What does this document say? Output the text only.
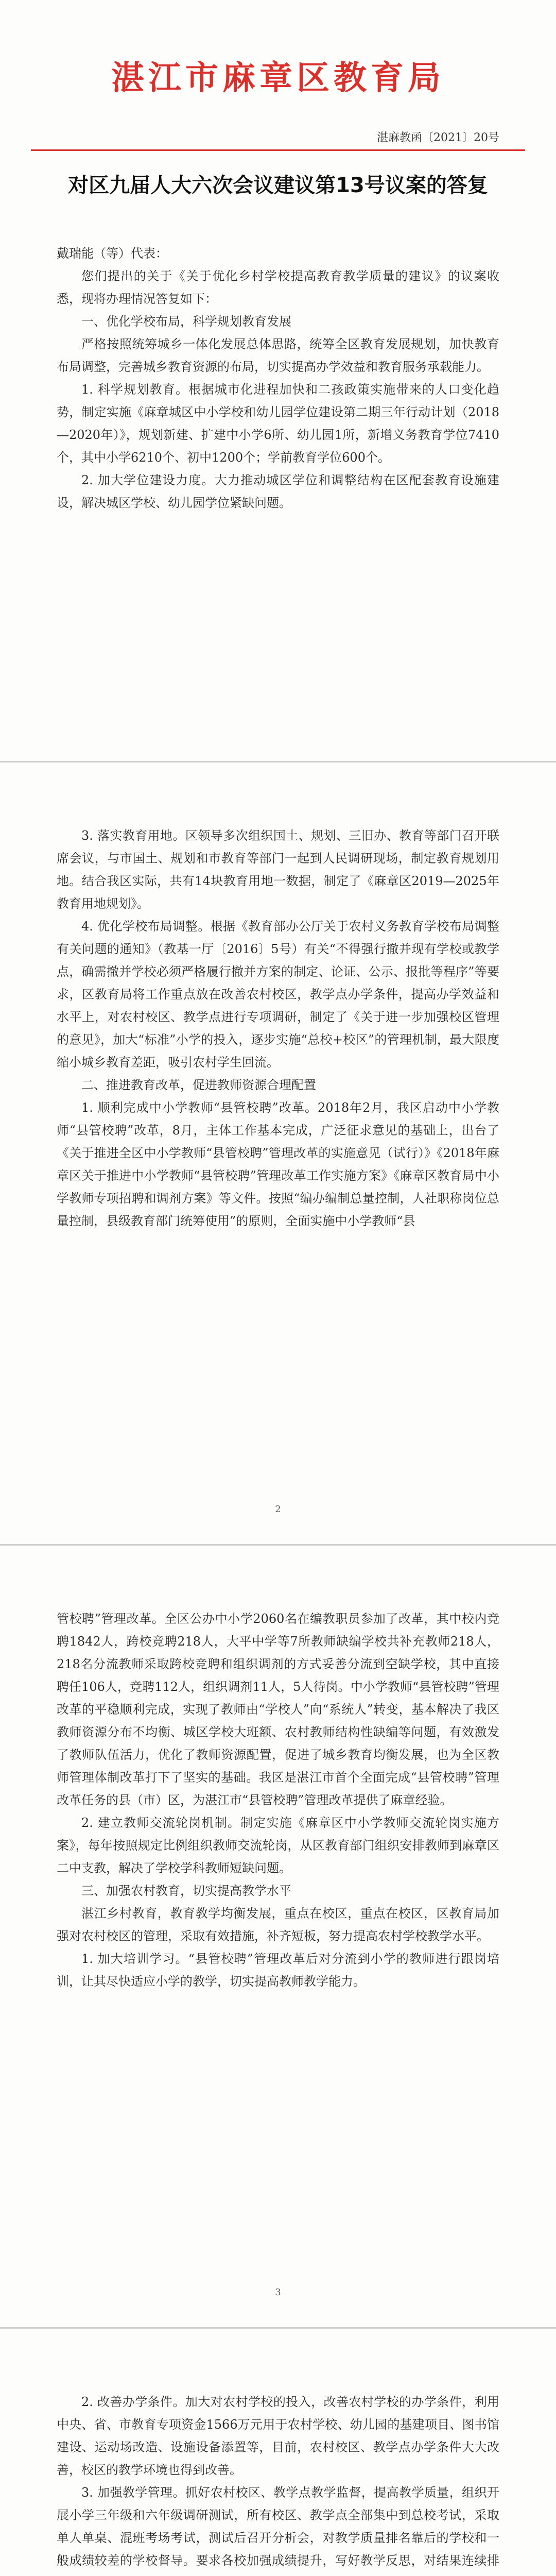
湛江市麻章区教育局
湛麻教函〔2021〕20号
对区九届人大六次会议建议第13号议案的答复

戴瑞能（等）代表：

您们提出的关于《关于优化乡村学校提高教育教学质量的建议》的议案收悉，现将办理情况答复如下：

一、优化学校布局，科学规划教育发展

严格按照统筹城乡一体化发展总体思路，统筹全区教育发展规划，加快教育布局调整，完善城乡教育资源的布局，切实提高办学效益和教育服务承载能力。

1. 科学规划教育。根据城市化进程加快和二孩政策实施带来的人口变化趋势，制定实施《麻章城区中小学校和幼儿园学位建设第二期三年行动计划（2018—2020年）》，规划新建、扩建中小学6所、幼儿园1所，新增义务教育学位7410个，其中小学6210个、初中1200个；学前教育学位600个。

2. 加大学位建设力度。大力推动城区学位和调整结构在区配套教育设施建设，解决城区学校、幼儿园学位紧缺问题。

3. 落实教育用地。区领导多次组织国土、规划、三旧办、教育等部门召开联席会议，与市国土、规划和市教育等部门一起到人民调研现场，制定教育规划用地。结合我区实际，共有14块教育用地一数据，制定了《麻章区2019—2025年教育用地规划》。

4. 优化学校布局调整。根据《教育部办公厅关于农村义务教育学校布局调整有关问题的通知》（教基一厅〔2016〕5号）有关“不得强行撤并现有学校或教学点，确需撤并学校必须严格履行撤并方案的制定、论证、公示、报批等程序”等要求，区教育局将工作重点放在改善农村校区，教学点办学条件，提高办学效益和水平上，对农村校区、教学点进行专项调研，制定了《关于进一步加强校区管理的意见》，加大“标准”小学的投入，逐步实施“总校+校区”的管理机制，最大限度缩小城乡教育差距，吸引农村学生回流。

二、推进教育改革，促进教师资源合理配置

1. 顺利完成中小学教师“县管校聘”改革。2018年2月，我区启动中小学教师“县管校聘”改革，8月，主体工作基本完成，广泛征求意见的基础上，出台了《关于推进全区中小学教师“县管校聘”管理改革的实施意见（试行）》《2018年麻章区关于推进中小学教师“县管校聘”管理改革工作实施方案》《麻章区教育局中小学教师专项招聘和调剂方案》等文件。按照“编办编制总量控制，人社职称岗位总量控制，县级教育部门统筹使用”的原则，全面实施中小学教师“县

2

管校聘”管理改革。全区公办中小学2060名在编教职员参加了改革，其中校内竞聘1842人，跨校竞聘218人，大平中学等7所教师缺编学校共补充教师218人，218名分流教师采取跨校竞聘和组织调剂的方式妥善分流到空缺学校，其中直接聘任106人，竞聘112人，组织调剂11人，5人待岗。中小学教师“县管校聘”管理改革的平稳顺利完成，实现了教师由“学校人”向“系统人”转变，基本解决了我区教师资源分布不均衡、城区学校大班额、农村教师结构性缺编等问题，有效激发了教师队伍活力，优化了教师资源配置，促进了城乡教育均衡发展，也为全区教师管理体制改革打下了坚实的基础。我区是湛江市首个全面完成“县管校聘”管理改革任务的县（市）区，为湛江市“县管校聘”管理改革提供了麻章经验。

2. 建立教师交流轮岗机制。制定实施《麻章区中小学教师交流轮岗实施方案》，每年按照规定比例组织教师交流轮岗，从区教育部门组织安排教师到麻章区二中支教，解决了学校学科教师短缺问题。

三、加强农村教育，切实提高教学水平

湛江乡村教育，教育教学均衡发展，重点在校区，重点在校区，区教育局加强对农村校区的管理，采取有效措施，补齐短板，努力提高农村学校教学水平。

1. 加大培训学习。“县管校聘”管理改革后对分流到小学的教师进行跟岗培训，让其尽快适应小学的教学，切实提高教师教学能力。

3

2. 改善办学条件。加大对农村学校的投入，改善农村学校的办学条件，利用中央、省、市教育专项资金1566万元用于农村学校、幼儿园的基建项目、图书馆建设、运动场改造、设施设备添置等，目前，农村校区、教学点办学条件大大改善，校区的教学环境也得到改善。

3. 加强教学管理。抓好农村校区、教学点教学监督，提高教学质量，组织开展小学三年级和六年级调研测试，所有校区、教学点全部集中到总校考试，采取单人单桌、混班考场考试，测试后召开分析会，对教学质量排名靠后的学校和一般成绩较差的学校督导。要求各校加强成绩提升，写好教学反思，对结果连续排
